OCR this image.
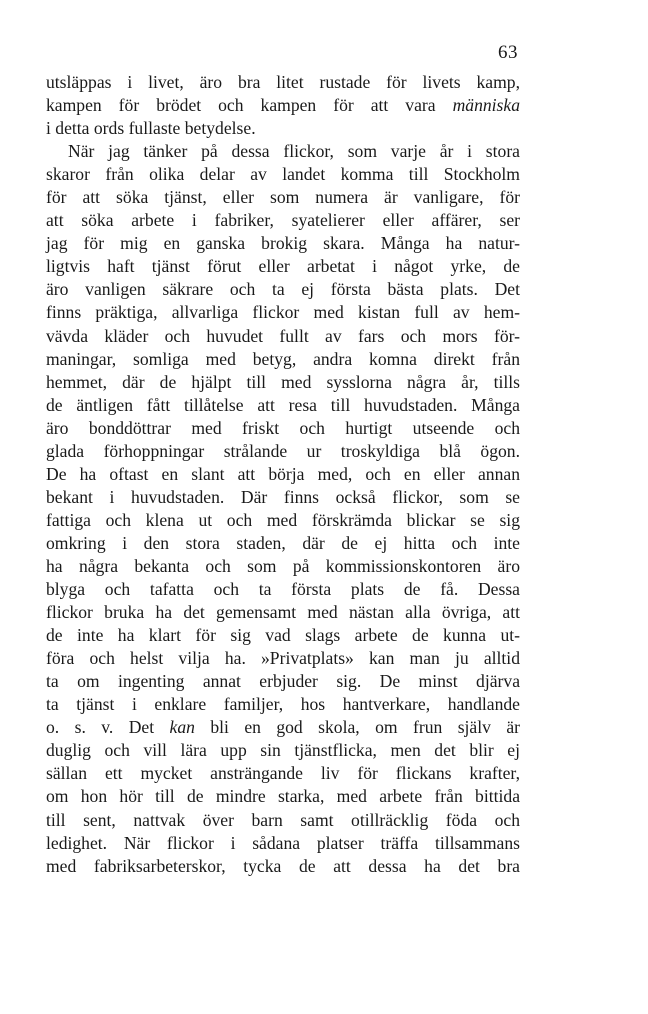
63
utsläppas i livet, äro bra litet rustade för livets kamp,
kampen för brödet och kampen för att vara människa
i detta ords fullaste betydelse.
När jag tänker på dessa flickor, som varje år i stora
skaror från olika delar av landet komma till Stockholm
för att söka tjänst, eller som numera är vanligare, för
att söka arbete i fabriker, syatelierer eller affärer, ser
jag för mig en ganska brokig skara. Många ha natur-
ligtvis haft tjänst förut eller arbetat i något yrke, de
äro vanligen säkrare och ta ej första bästa plats. Det
finns präktiga, allvarliga flickor med kistan full av hem-
vävda kläder och huvudet fullt av fars och mors för-
maningar, somliga med betyg, andra komna direkt från
hemmet, där de hjälpt till med sysslorna några år, tills
de äntligen fått tillåtelse att resa till huvudstaden. Många
äro bonddöttrar med friskt och hurtigt utseende och
glada förhoppningar strålande ur troskyldiga blå ögon.
De ha oftast en slant att börja med, och en eller annan
bekant i huvudstaden. Där finns också flickor, som se
fattiga och klena ut och med förskrämda blickar se sig
omkring i den stora staden, där de ej hitta och inte
ha några bekanta och som på kommissionskontoren äro
blyga och tafatta och ta första plats de få. Dessa
flickor bruka ha det gemensamt med nästan alla övriga, att
de inte ha klart för sig vad slags arbete de kunna ut-
föra och helst vilja ha. »Privatplats» kan man ju alltid
ta om ingenting annat erbjuder sig. De minst djärva
ta tjänst i enklare familjer, hos hantverkare, handlande
o. s. v. Det kan bli en god skola, om frun själv är
duglig och vill lära upp sin tjänstflicka, men det blir ej
sällan ett mycket ansträngande liv för flickans krafter,
om hon hör till de mindre starka, med arbete från bittida
till sent, nattvak över barn samt otillräcklig föda och
ledighet. När flickor i sådana platser träffa tillsammans
med fabriksarbeterskor, tycka de att dessa ha det bra
